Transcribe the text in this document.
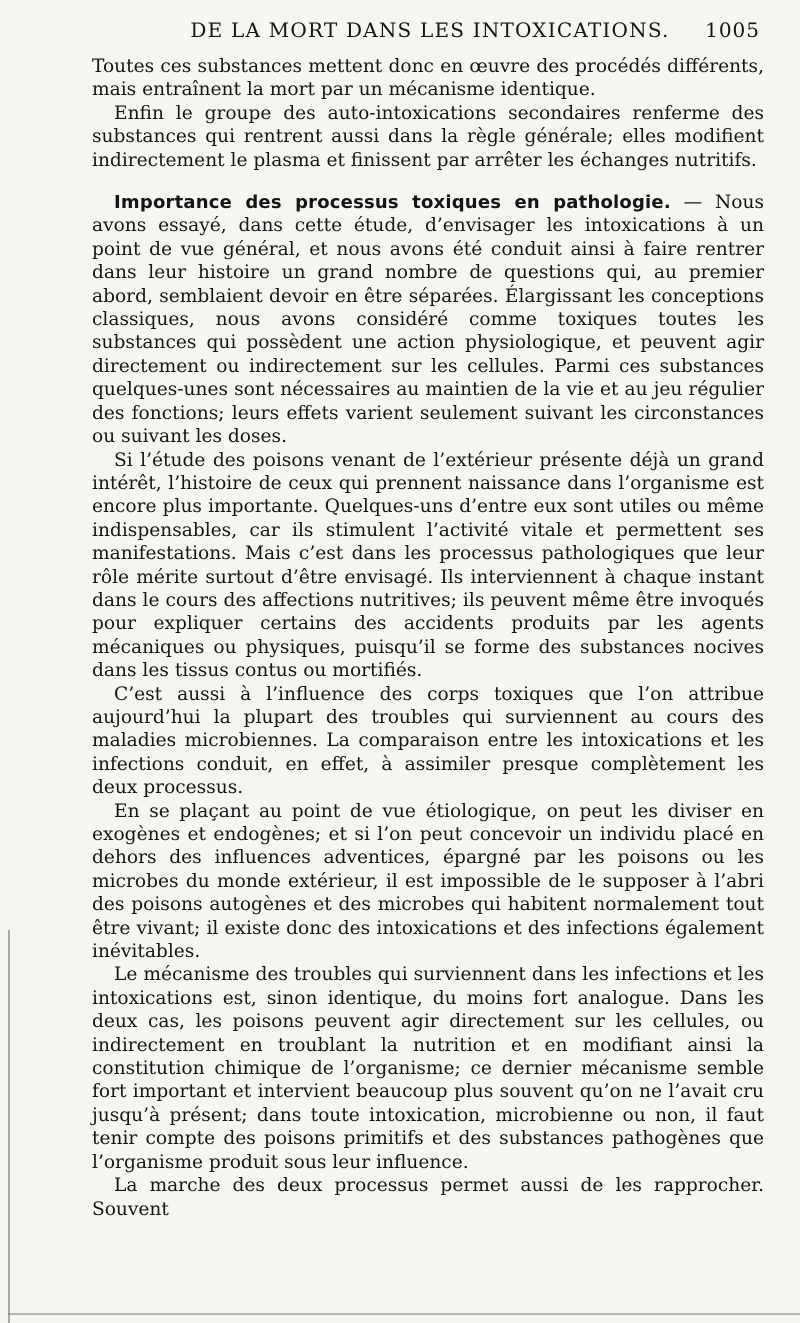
DE LA MORT DANS LES INTOXICATIONS.	1005

Toutes ces substances mettent donc en œuvre des procédés différents, mais entraînent la mort par un mécanisme identique.

Enfin le groupe des auto-intoxications secondaires renferme des substances qui rentrent aussi dans la règle générale; elles modifient indirectement le plasma et finissent par arrêter les échanges nutritifs.

Importance des processus toxiques en pathologie. — Nous avons essayé, dans cette étude, d’envisager les intoxications à un point de vue général, et nous avons été conduit ainsi à faire rentrer dans leur histoire un grand nombre de questions qui, au premier abord, semblaient devoir en être séparées. Élargissant les conceptions classiques, nous avons considéré comme toxiques toutes les substances qui possèdent une action physiologique, et peuvent agir directement ou indirectement sur les cellules. Parmi ces substances quelques-unes sont nécessaires au maintien de la vie et au jeu régulier des fonctions; leurs effets varient seulement suivant les circonstances ou suivant les doses.

Si l’étude des poisons venant de l’extérieur présente déjà un grand intérêt, l’histoire de ceux qui prennent naissance dans l’organisme est encore plus importante. Quelques-uns d’entre eux sont utiles ou même indispensables, car ils stimulent l’activité vitale et permettent ses manifestations. Mais c’est dans les processus pathologiques que leur rôle mérite surtout d’être envisagé. Ils interviennent à chaque instant dans le cours des affections nutritives; ils peuvent même être invoqués pour expliquer certains des accidents produits par les agents mécaniques ou physiques, puisqu’il se forme des substances nocives dans les tissus contus ou mortifiés.

C’est aussi à l’influence des corps toxiques que l’on attribue aujourd’hui la plupart des troubles qui surviennent au cours des maladies microbiennes. La comparaison entre les intoxications et les infections conduit, en effet, à assimiler presque complètement les deux processus.

En se plaçant au point de vue étiologique, on peut les diviser en exogènes et endogènes; et si l’on peut concevoir un individu placé en dehors des influences adventices, épargné par les poisons ou les microbes du monde extérieur, il est impossible de le supposer à l’abri des poisons autogènes et des microbes qui habitent normalement tout être vivant; il existe donc des intoxications et des infections également inévitables.

Le mécanisme des troubles qui surviennent dans les infections et les intoxications est, sinon identique, du moins fort analogue. Dans les deux cas, les poisons peuvent agir directement sur les cellules, ou indirectement en troublant la nutrition et en modifiant ainsi la constitution chimique de l’organisme; ce dernier mécanisme semble fort important et intervient beaucoup plus souvent qu’on ne l’avait cru jusqu’à présent; dans toute intoxication, microbienne ou non, il faut tenir compte des poisons primitifs et des substances pathogènes que l’organisme produit sous leur influence.

La marche des deux processus permet aussi de les rapprocher. Souvent
